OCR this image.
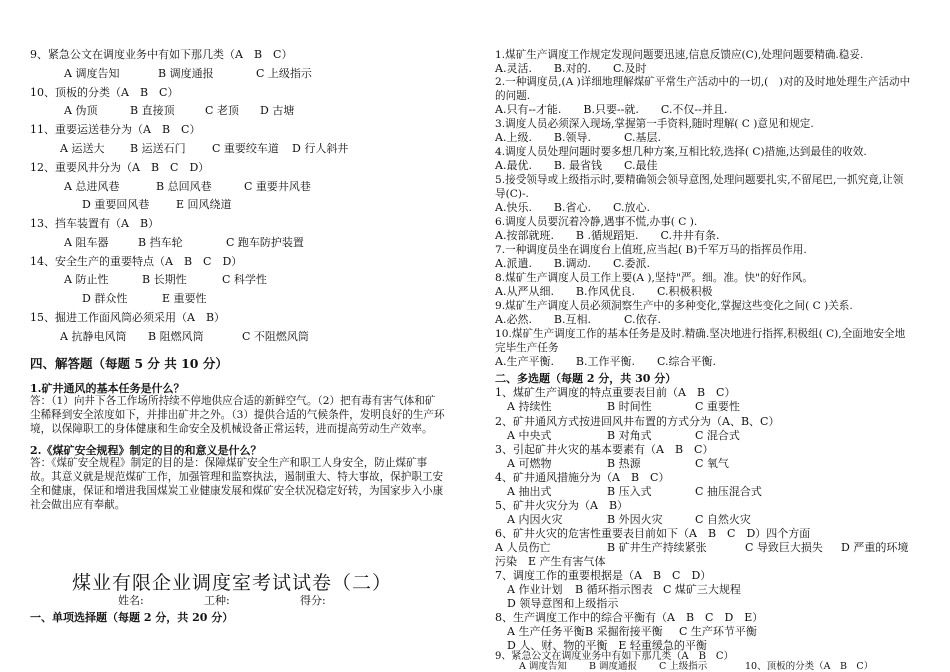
9、紧急公文在调度业务中有如下那几类（A　B　C）
A 调度告知	B 调度通报	C 上级指示
10、顶板的分类（A　B　C）
A 伪顶	B 直接顶	C 老顶 D 古塘
11、重要运送巷分为（A　B　C）
A 运送大 B 运送石门 C 重要绞车道 D 行人斜井
12、重要风井分为（A　B　C　D）
A 总进风巷	B 总回风巷	C 重要井风巷
D 重要回风巷 E 回风绕道
13、挡车装置有（A　B）
A 阻车器	B 挡车轮	C 跑车防护装置
14、安全生产的重要特点（A　B　C　D）
A 防止性	B 长期性	C 科学性
D 群众性	E 重要性
15、掘进工作面风筒必须采用（A　B）
A 抗静电风筒 B 阻燃风筒	C 不阻燃风筒
四、解答题（每题 5 分 共 10 分）
1.矿井通风的基本任务是什么？
答：（1）向井下各工作场所持续不停地供应合适的新鲜空气。（2）把有毒有害气体和矿尘稀释到安全浓度如下，并排出矿井之外。（3）提供合适的气候条件，发明良好的生产环境，以保障职工的身体健康和生命安全及机械设备正常运转，进而提高劳动生产效率。
2.《煤矿安全规程》制定的目的和意义是什么？
答：《煤矿安全规程》制定的目的是：保障煤矿安全生产和职工人身安全，防止煤矿事故。其意义就是规范煤矿工作，加强管理和监察执法，遏制重大、特大事故，保护职工安全和健康，保证和增进我国煤炭工业健康发展和煤矿安全状况稳定好转，为国家步入小康社会做出应有奉献。
煤业有限企业调度室考试试卷（二）
姓名:	工种:	得分:
一、单项选择题（每题 2 分，共 20 分）
1.煤矿生产调度工作规定发现问题要迅速,信息反馈应(C),处理问题要精确.稳妥.
A.灵活.　　B.对的.　　C.及时
2.一种调度员,(A )详细地理解煤矿平常生产活动中的一切,(　)对的及时地处理生产活动中的问题.
A.只有--才能.　　B.只要--就.　　C.不仅--并且.
3.调度人员必须深入现场,掌握第一手资料,随时理解( C )意见和规定.
A.上级.　　B.领导.　　　C.基层.
4.调度人员处理问题时要多想几种方案,互相比较,选择( C)措施,达到最佳的收效.
A.最优.　　B. 最省钱　　C.最佳
5.接受领导或上级指示时,要精确领会领导意图,处理问题要扎实,不留尾巴,一抓究竟,让领导(C)-.
A.快乐.　　B.省心.　　C.放心.
6.调度人员要沉着冷静,遇事不慌,办事( C ).
A.按部就班.　　B .循规蹈矩.　　C.井井有条.
7.一种调度员坐在调度台上值班,应当起( B)千军万马的指挥员作用.
A.派遣.　　B.调动.　　C.委派.
8.煤矿生产调度人员工作上要(A ),坚持"严。细。准。快"的好作风。
A.从严从细.　　B.作风优良.　　C.积极积极
9.煤矿生产调度人员必须洞察生产中的多种变化,掌握这些变化之间( C )关系.
A.必然.　　B.互相.　　　C.依存.
10.煤矿生产调度工作的基本任务是及时.精确.坚决地进行指挥,积极组( C),全面地安全地完毕生产任务
A.生产平衡.　　B.工作平衡.　　C.综合平衡.
二、多选题（每题 2 分，共 30 分）
1、煤矿生产调度的特点重要表目前（A　B　C）
A 持续性	B 时间性	C 重要性
2、矿井通风方式按进回风井布置的方式分为（A、B、C）
A 中央式	B 对角式	C 混合式
3、引起矿井火灾的基本要素有（A　B　C）
A 可燃物	B 热源	C 氧气
4、矿井通风措施分为（A　B　C）
A 抽出式	B 压入式	C 抽压混合式
5、矿井火灾分为（A　B）
A 内因火灾	B 外因火灾	C 自然火灾
6、矿井火灾的危害性重要表目前如下（A　B　C　D）四个方面
A 人员伤亡	B 矿井生产持续紧张	C 导致巨大损失 D 严重的环境
污染　E 产生有害气体
7、调度工作的重要根据是（A　B　C　D）
A 作业计划 B 循环指示图表 C 煤矿三大规程
D 领导意图和上级指示
8、生产调度工作中的综合平衡有（A　B　C　D　E）
A 生产任务平衡 B 采掘衔接平衡 C 生产环节平衡
D 人、财、物的平衡　E 轻重缓急的平衡
9、紧急公文在调度业务中有如下那几类（A　B　C）
A 调度告知 B 调度通报 C 上级指示	10、顶板的分类（A　B　C）
